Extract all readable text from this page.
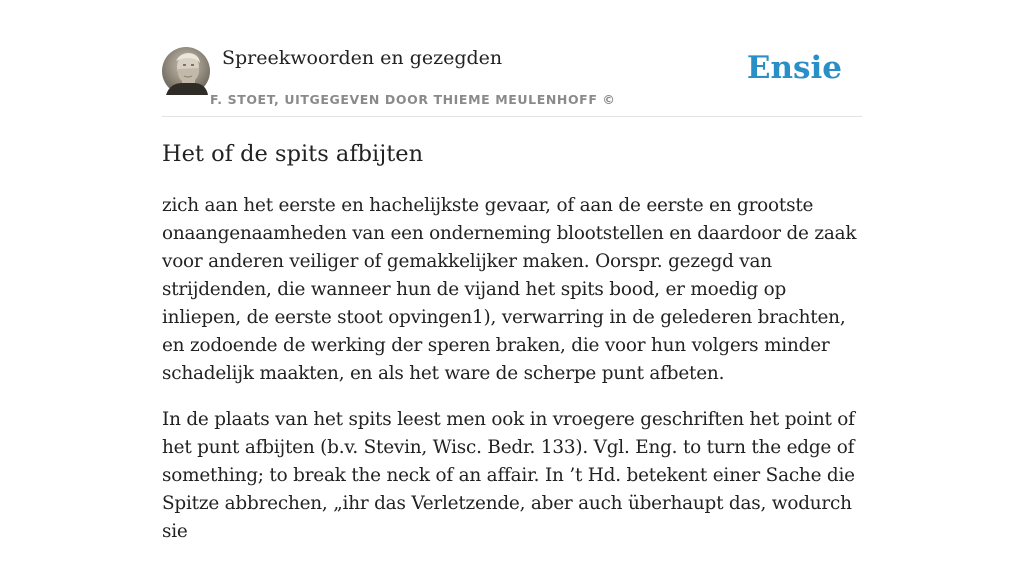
Spreekwoorden en gezegden
F. STOET, UITGEGEVEN DOOR THIEME MEULENHOFF ©
Ensie
Het of de spits afbijten

zich aan het eerste en hachelijkste gevaar, of aan de eerste en grootste onaangenaamheden van een onderneming blootstellen en daardoor de zaak voor anderen veiliger of gemakkelijker maken. Oorspr. gezegd van strijdenden, die wanneer hun de vijand het spits bood, er moedig op inliepen, de eerste stoot opvingen1), verwarring in de gelederen brachten, en zodoende de werking der speren braken, die voor hun volgers minder schadelijk maakten, en als het ware de scherpe punt afbeten.

In de plaats van het spits leest men ook in vroegere geschriften het point of het punt afbijten (b.v. Stevin, Wisc. Bedr. 133). Vgl. Eng. to turn the edge of something; to break the neck of an affair. In ’t Hd. betekent einer Sache die Spitze abbrechen, „ihr das Verletzende, aber auch überhaupt das, wodurch sie
